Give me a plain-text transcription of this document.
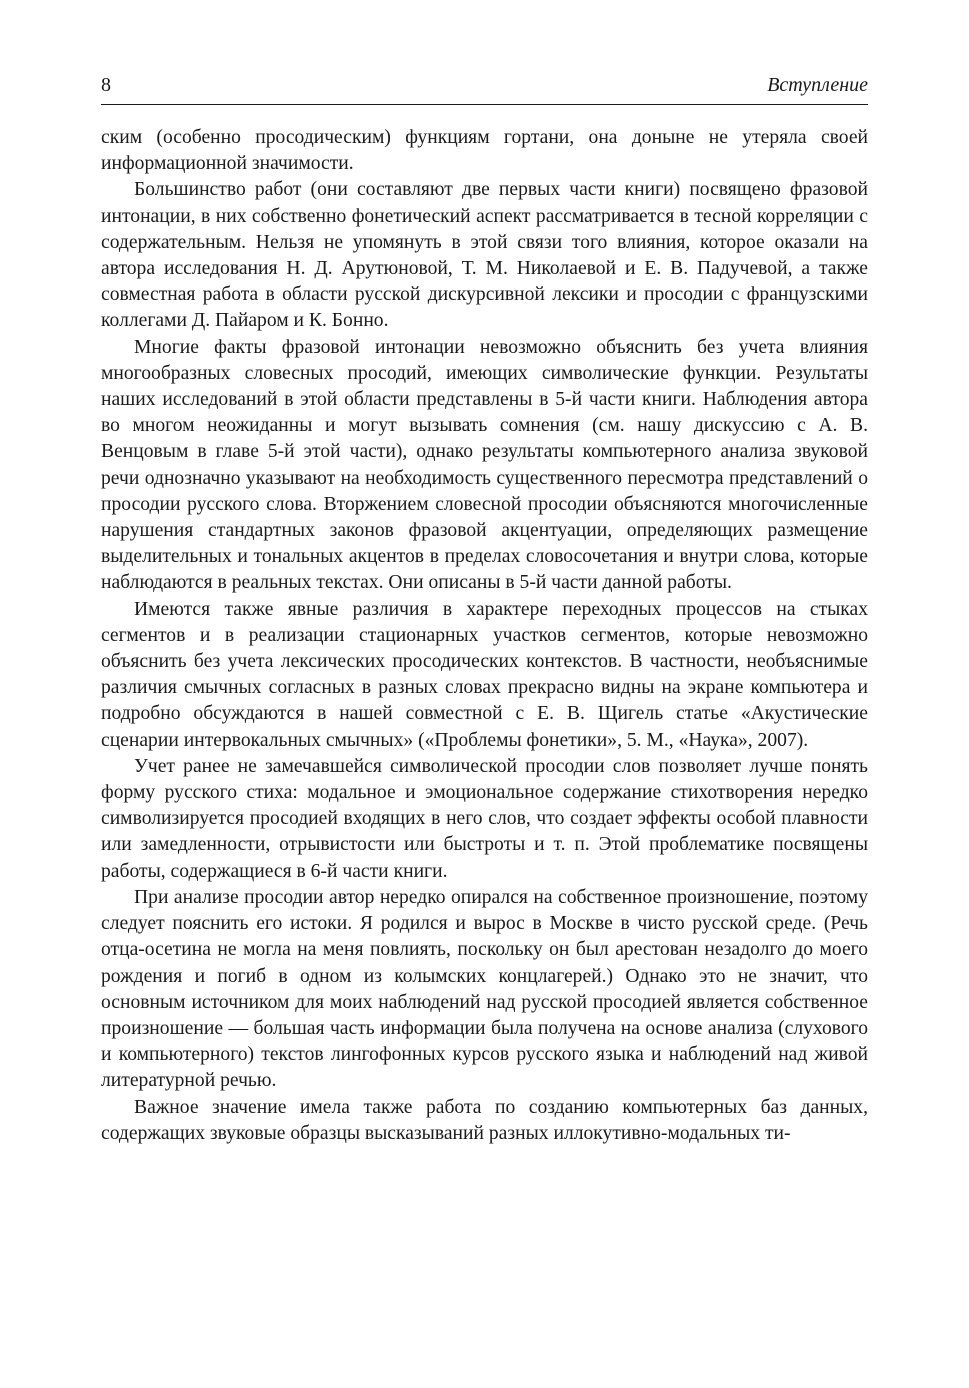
8	Вступление

ским (особенно просодическим) функциям гортани, она доныне не утеряла своей информационной значимости.

Большинство работ (они составляют две первых части книги) посвящено фразовой интонации, в них собственно фонетический аспект рассматривается в тесной корреляции с содержательным. Нельзя не упомянуть в этой связи того влияния, которое оказали на автора исследования Н. Д. Арутюновой, Т. М. Николаевой и Е. В. Падучевой, а также совместная работа в области русской дискурсивной лексики и просодии с французскими коллегами Д. Пайаром и К. Бонно.

Многие факты фразовой интонации невозможно объяснить без учета влияния многообразных словесных просодий, имеющих символические функции. Результаты наших исследований в этой области представлены в 5-й части книги. Наблюдения автора во многом неожиданны и могут вызывать сомнения (см. нашу дискуссию с А. В. Венцовым в главе 5-й этой части), однако результаты компьютерного анализа звуковой речи однозначно указывают на необходимость существенного пересмотра представлений о просодии русского слова. Вторжением словесной просодии объясняются многочисленные нарушения стандартных законов фразовой акцентуации, определяющих размещение выделительных и тональных акцентов в пределах словосочетания и внутри слова, которые наблюдаются в реальных текстах. Они описаны в 5-й части данной работы.

Имеются также явные различия в характере переходных процессов на стыках сегментов и в реализации стационарных участков сегментов, которые невозможно объяснить без учета лексических просодических контекстов. В частности, необъяснимые различия смычных согласных в разных словах прекрасно видны на экране компьютера и подробно обсуждаются в нашей совместной с Е. В. Щигель статье «Акустические сценарии интервокальных смычных» («Проблемы фонетики», 5. М., «Наука», 2007).

Учет ранее не замечавшейся символической просодии слов позволяет лучше понять форму русского стиха: модальное и эмоциональное содержание стихотворения нередко символизируется просодией входящих в него слов, что создает эффекты особой плавности или замедленности, отрывистости или быстроты и т. п. Этой проблематике посвящены работы, содержащиеся в 6-й части книги.

При анализе просодии автор нередко опирался на собственное произношение, поэтому следует пояснить его истоки. Я родился и вырос в Москве в чисто русской среде. (Речь отца-осетина не могла на меня повлиять, поскольку он был арестован незадолго до моего рождения и погиб в одном из колымских концлагерей.) Однако это не значит, что основным источником для моих наблюдений над русской просодией является собственное произношение — большая часть информации была получена на основе анализа (слухового и компьютерного) текстов лингофонных курсов русского языка и наблюдений над живой литературной речью.

Важное значение имела также работа по созданию компьютерных баз данных, содержащих звуковые образцы высказываний разных иллокутивно-модальных ти-
